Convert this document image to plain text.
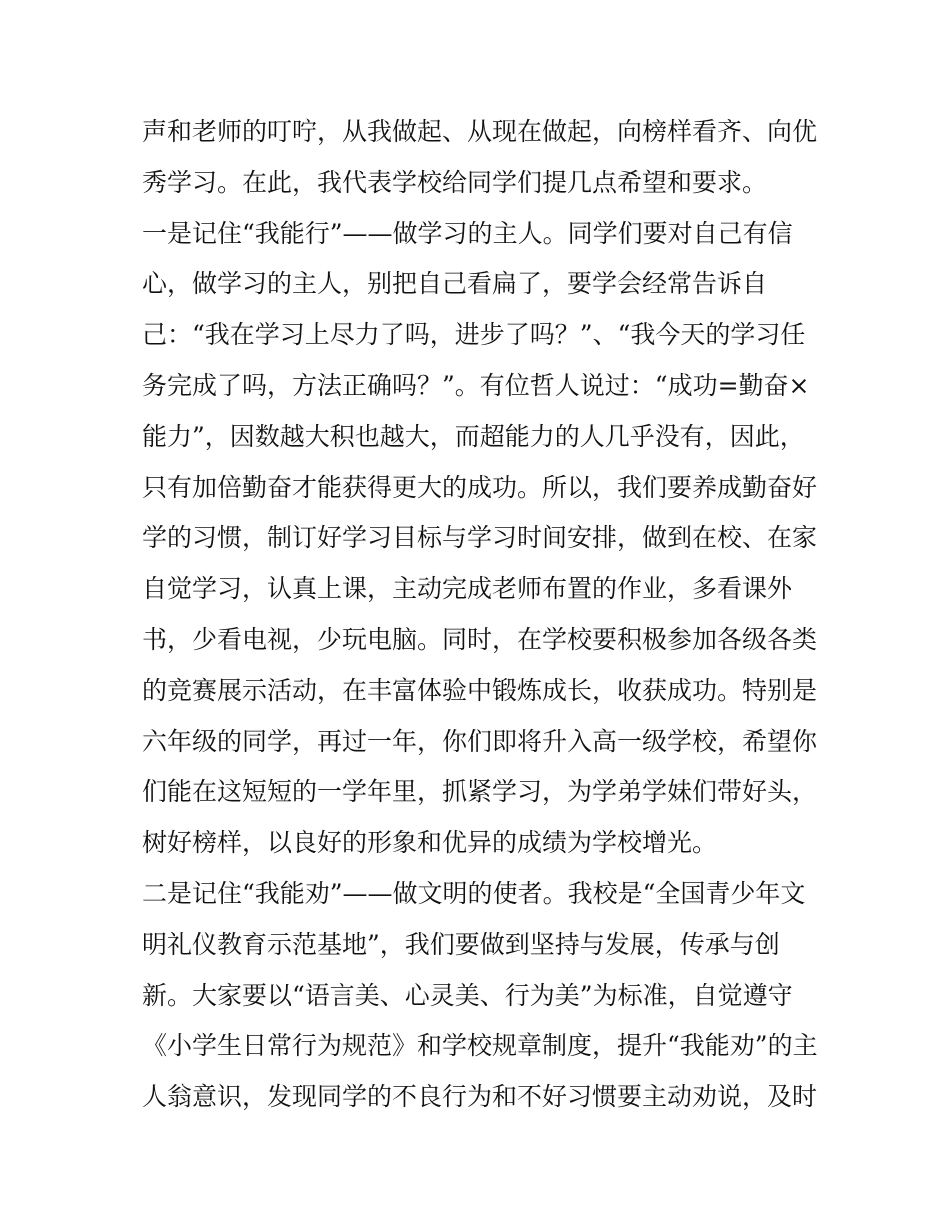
声和老师的叮咛，从我做起、从现在做起，向榜样看齐、向优
秀学习。在此，我代表学校给同学们提几点希望和要求。
一是记住“我能行”——做学习的主人。同学们要对自己有信
心，做学习的主人，别把自己看扁了，要学会经常告诉自
己：“我在学习上尽力了吗，进步了吗？”、“我今天的学习任
务完成了吗，方法正确吗？”。有位哲人说过：“成功=勤奋×
能力”，因数越大积也越大，而超能力的人几乎没有，因此，
只有加倍勤奋才能获得更大的成功。所以，我们要养成勤奋好
学的习惯，制订好学习目标与学习时间安排，做到在校、在家
自觉学习，认真上课，主动完成老师布置的作业，多看课外
书，少看电视，少玩电脑。同时，在学校要积极参加各级各类
的竞赛展示活动，在丰富体验中锻炼成长，收获成功。特别是
六年级的同学，再过一年，你们即将升入高一级学校，希望你
们能在这短短的一学年里，抓紧学习，为学弟学妹们带好头，
树好榜样，以良好的形象和优异的成绩为学校增光。
二是记住“我能劝”——做文明的使者。我校是“全国青少年文
明礼仪教育示范基地”，我们要做到坚持与发展，传承与创
新。大家要以“语言美、心灵美、行为美”为标准，自觉遵守
《小学生日常行为规范》和学校规章制度，提升“我能劝”的主
人翁意识，发现同学的不良行为和不好习惯要主动劝说，及时
